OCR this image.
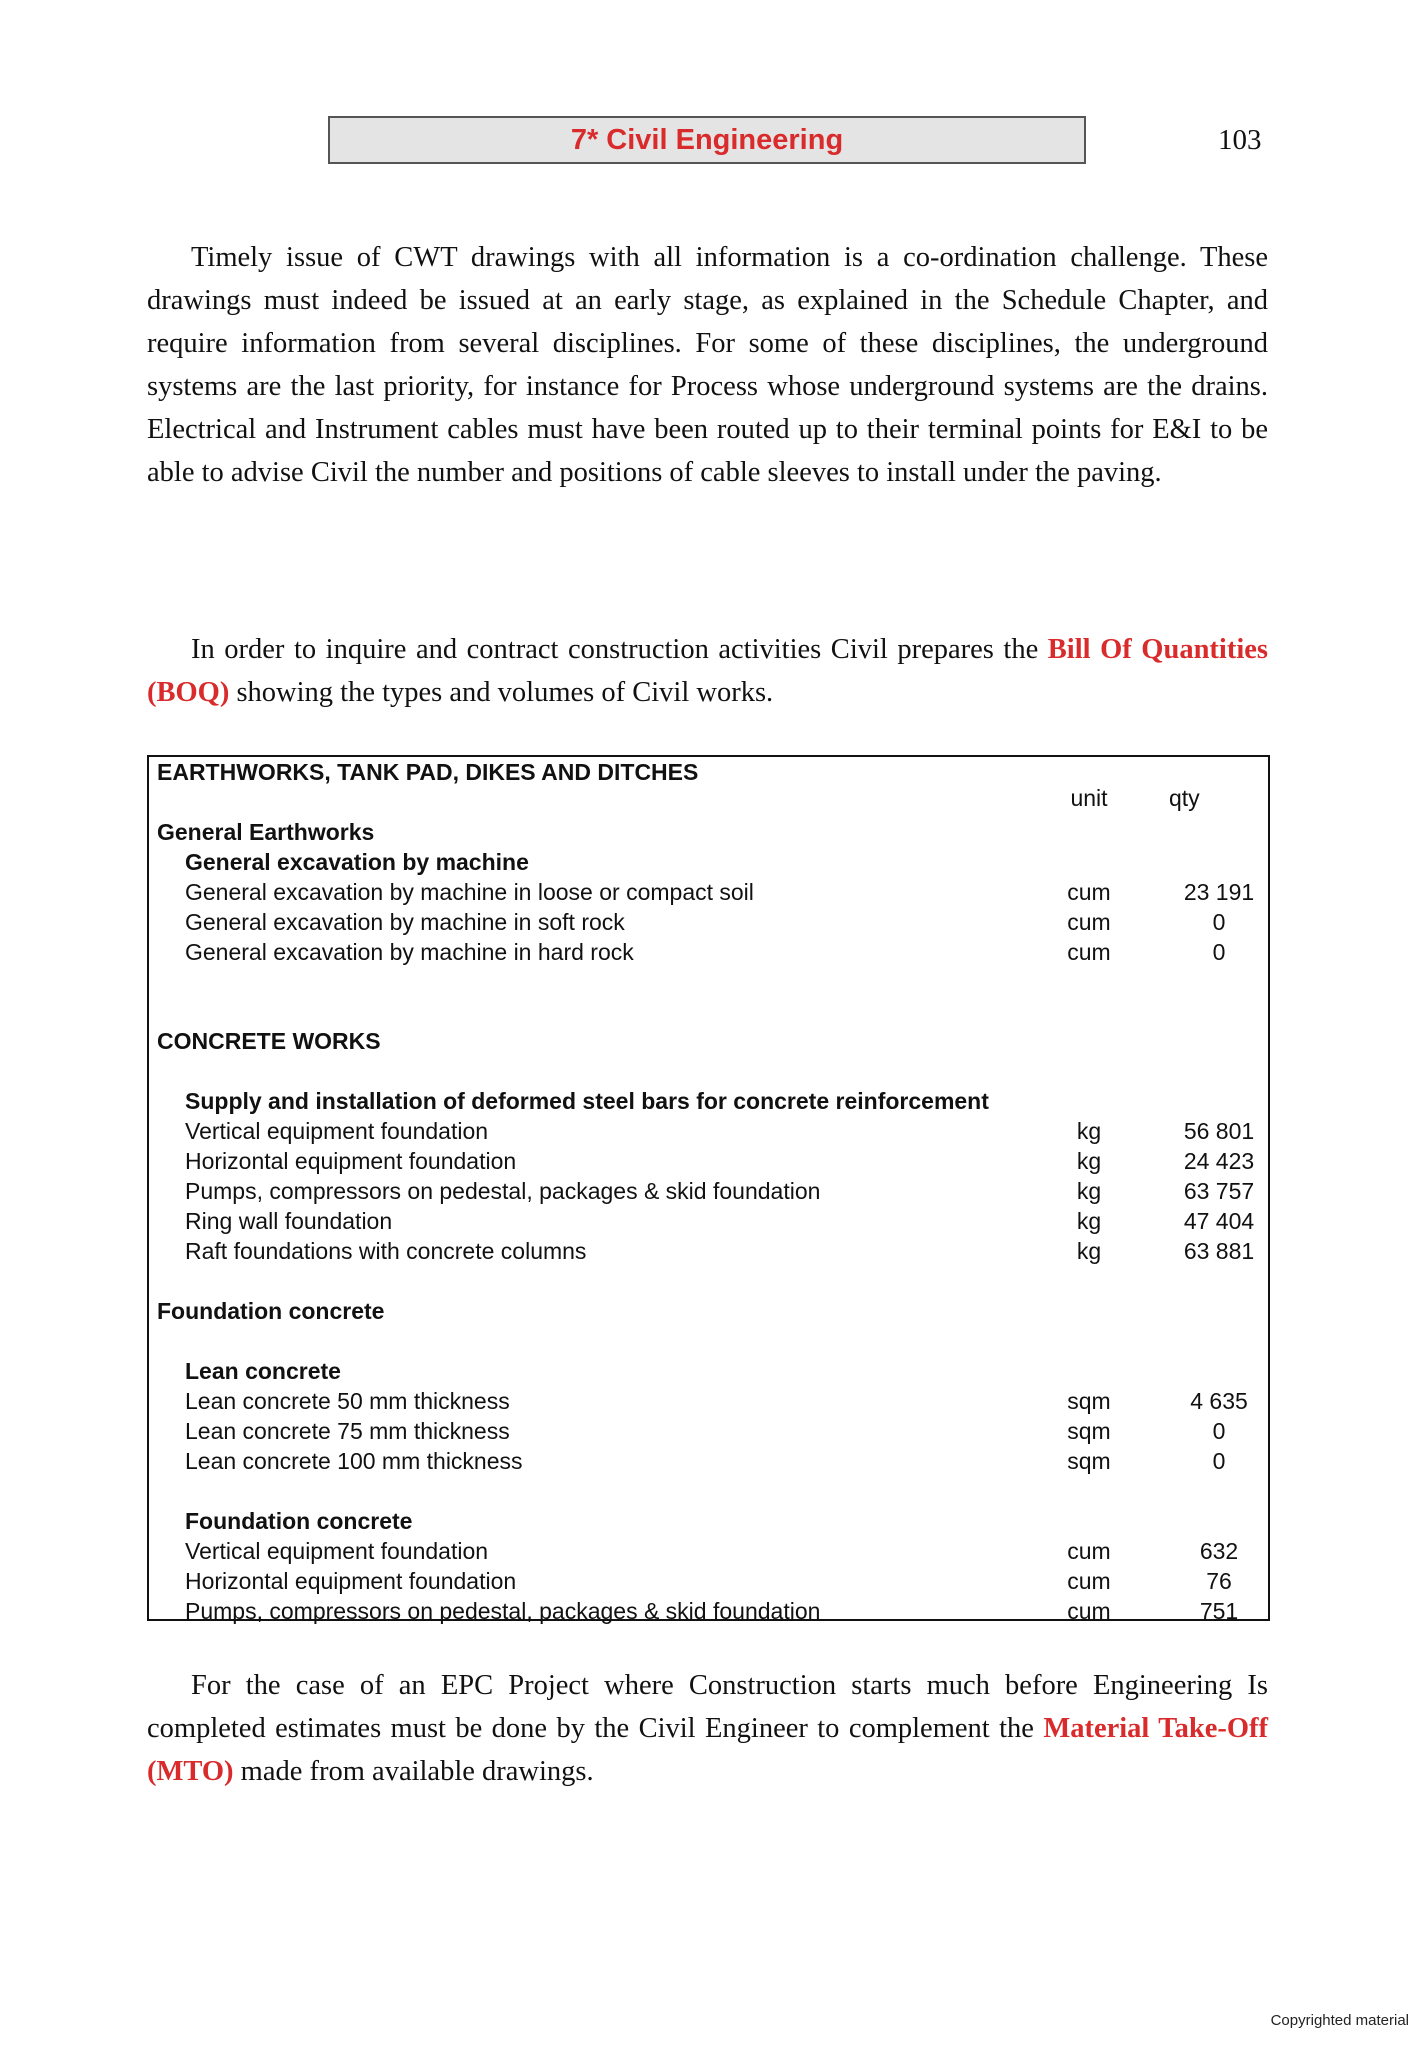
7* Civil Engineering	103

Timely issue of CWT drawings with all information is a co-ordination challenge. These drawings must indeed be issued at an early stage, as explained in the Schedule Chapter, and require information from several disciplines. For some of these disciplines, the underground systems are the last priority, for instance for Process whose underground systems are the drains. Electrical and Instrument cables must have been routed up to their terminal points for E&I to be able to advise Civil the number and positions of cable sleeves to install under the paving.

In order to inquire and contract construction activities Civil prepares the Bill Of Quantities (BOQ) showing the types and volumes of Civil works.

unit	qty
EARTHWORKS, TANK PAD, DIKES AND DITCHES
General Earthworks
General excavation by machine
General excavation by machine in loose or compact soil	cum	23 191
General excavation by machine in soft rock	cum	0
General excavation by machine in hard rock	cum	0
CONCRETE WORKS
Supply and installation of deformed steel bars for concrete reinforcement
Vertical equipment foundation	kg	56 801
Horizontal equipment foundation	kg	24 423
Pumps, compressors on pedestal, packages & skid foundation	kg	63 757
Ring wall foundation	kg	47 404
Raft foundations with concrete columns	kg	63 881
Foundation concrete
Lean concrete
Lean concrete 50 mm thickness	sqm	4 635
Lean concrete 75 mm thickness	sqm	0
Lean concrete 100 mm thickness	sqm	0
Foundation concrete
Vertical equipment foundation	cum	632
Horizontal equipment foundation	cum	76
Pumps, compressors on pedestal, packages & skid foundation	cum	751

For the case of an EPC Project where Construction starts much before Engineering Is completed estimates must be done by the Civil Engineer to complement the Material Take-Off (MTO) made from available drawings.

Copyrighted material
